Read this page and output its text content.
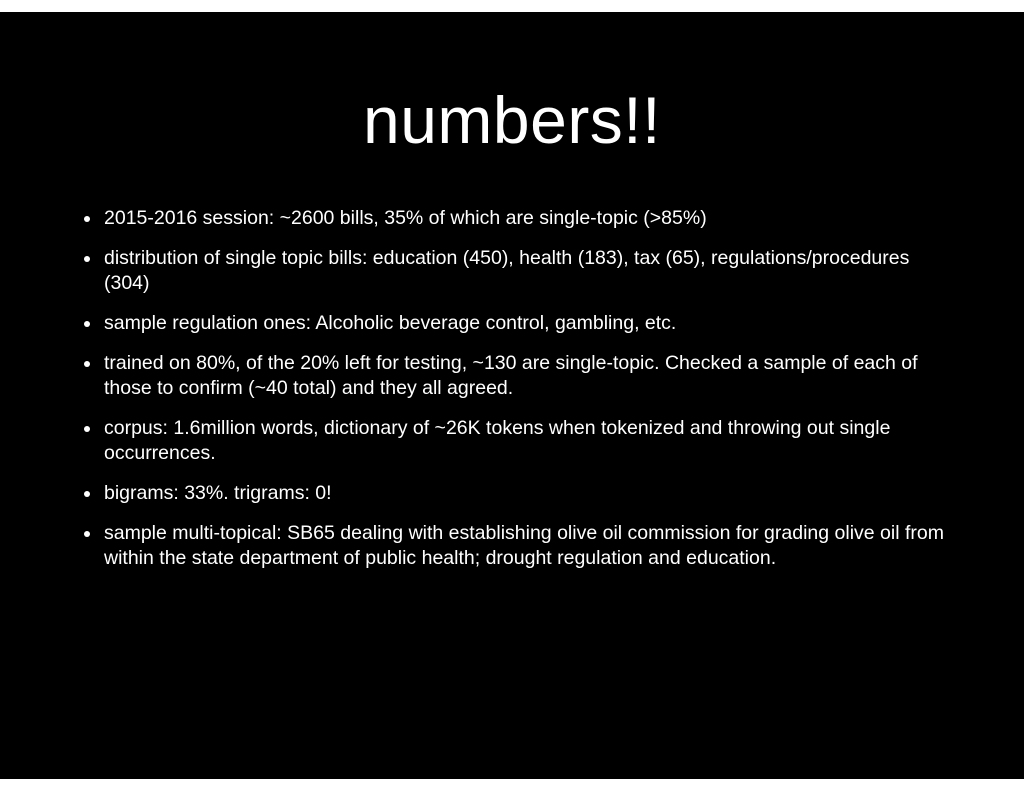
numbers!!
2015-2016 session: ~2600 bills, 35% of which are single-topic (>85%)
distribution of single topic bills: education (450), health (183), tax (65), regulations/procedures (304)
sample regulation ones: Alcoholic beverage control, gambling, etc.
trained on 80%, of the 20% left for testing, ~130 are single-topic. Checked a sample of each of those to confirm (~40 total) and they all agreed.
corpus: 1.6million words, dictionary of ~26K tokens when tokenized and throwing out single occurrences.
bigrams: 33%. trigrams: 0!
sample multi-topical: SB65 dealing with establishing olive oil commission for grading olive oil from within the state department of public health; drought regulation and education.
